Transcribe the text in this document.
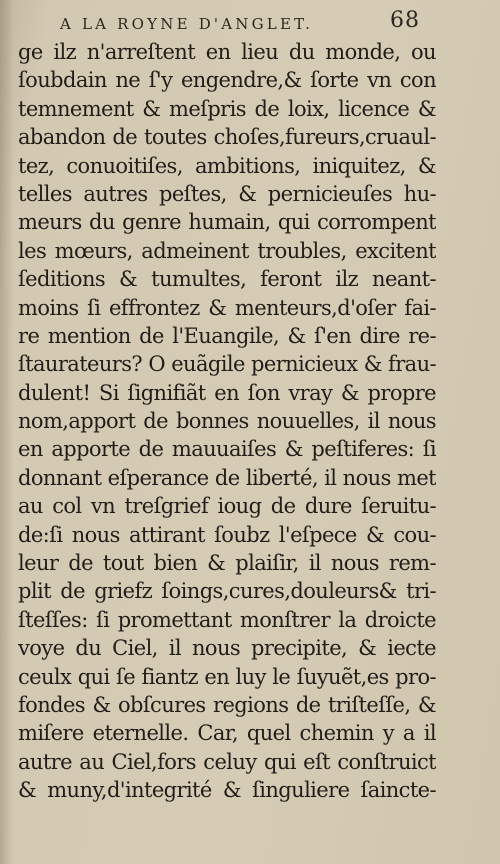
A LA ROYNE D'ANGLET.	68
ge ilz n'arreſtent en lieu du monde, ou
ſoubdain ne ſ'y engendre,& ſorte vn con
temnement & meſpris de loix, licence &
abandon de toutes choſes,fureurs,cruaul-
tez, conuoitiſes, ambitions, iniquitez, &
telles autres peſtes, & pernicieuſes hu-
meurs du genre humain, qui corrompent
les mœurs, admeinent troubles, excitent
ſeditions & tumultes, feront ilz neant-
moins ſi effrontez & menteurs,d'oſer fai-
re mention de l'Euangile, & ſ'en dire re-
ſtaurateurs? O euãgile pernicieux & frau-
dulent! Si ſignifiãt en ſon vray & propre
nom,apport de bonnes nouuelles, il nous
en apporte de mauuaiſes & peſtiferes: ſi
donnant eſperance de liberté, il nous met
au col vn treſgrief ioug de dure ſeruitu-
de:ſi nous attirant ſoubz l'eſpece & cou-
leur de tout bien & plaiſir, il nous rem-
plit de griefz ſoings,cures,douleurs& tri-
ſteſſes: ſi promettant monſtrer la droicte
voye du Ciel, il nous precipite, & iecte
ceulx qui ſe fiantz en luy le ſuyuẽt,es pro-
fondes & obſcures regions de triſteſſe, &
miſere eternelle. Car, quel chemin y a il
autre au Ciel,fors celuy qui eſt conſtruict
& muny,d'integrité & ſinguliere ſaincte-
